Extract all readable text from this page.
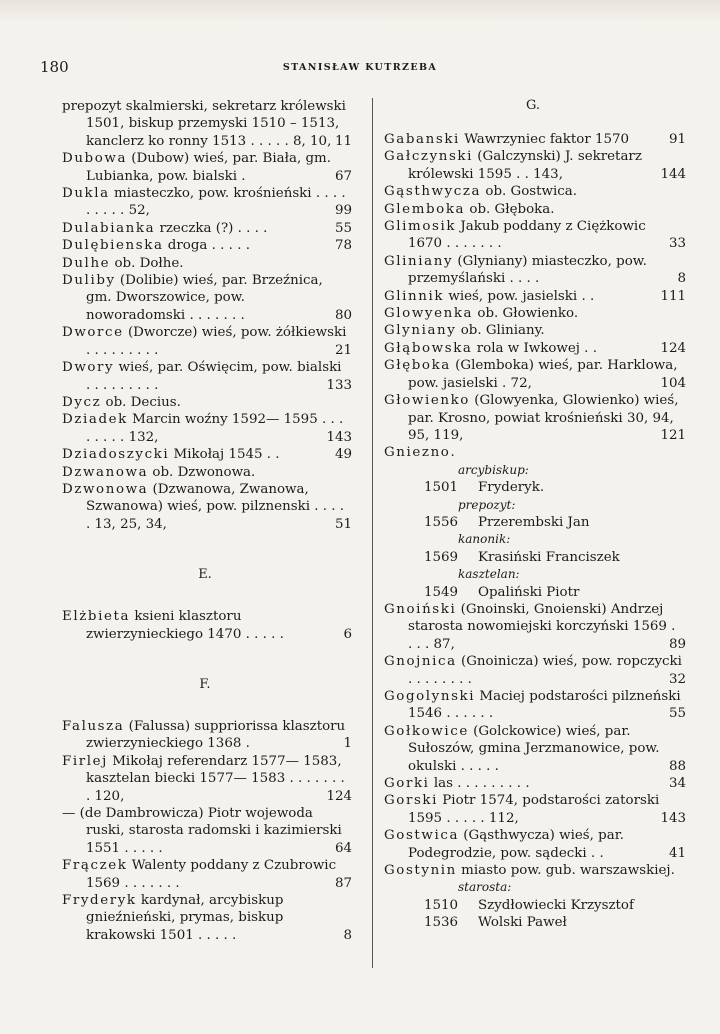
180	STANISŁAW KUTRZEBA
prepozyt skalmierski, sekretarz królewski 1501, biskup przemyski 1510 – 1513, kanclerz ko ronny 1513 . . . . . 8, 10, 11
Dubowa (Dubow) wieś, par. Biała, gm. Lubianka, pow. bialski .	67
Dukla miasteczko, pow. krośnieński . . . . . . . . . 52,	99
Dulabianka rzeczka (?) . . . .	55
Dulębienska droga . . . . .	78
Dulhe ob. Dołhe.
Duliby (Dolibie) wieś, par. Brzeźnica, gm. Dworszowice, pow. noworadomski . . . . . . .	80
Dworce (Dworcze) wieś, pow. żółkiewski . . . . . . . . .	21
Dwory wieś, par. Oświęcim, pow. bialski . . . . . . . . .	133
Dycz ob. Decius.
Dziadek Marcin woźny 1592— 1595 . . . . . . . . 132,	143
Dziadoszycki Mikołaj 1545 . .	49
Dzwanowa ob. Dzwonowa.
Dzwonowa (Dzwanowa, Zwanowa, Szwanowa) wieś, pow. pilznenski . . . . . 13, 25, 34,	51
E.
Elżbieta ksieni klasztoru zwierzynieckiego 1470 . . . . .	6
F.
Falusza (Falussa) suppriorissa klasztoru zwierzynieckiego 1368 .	1
Firlej Mikołaj referendarz 1577— 1583, kasztelan biecki 1577— 1583 . . . . . . . . 120,	124
— (de Dambrowicza) Piotr wojewoda ruski, starosta radomski i kazimierski 1551 . . . . .	64
Frączek Walenty poddany z Czubrowic 1569 . . . . . . .	87
Fryderyk kardynał, arcybiskup gnieźnieński, prymas, biskup krakowski 1501 . . . . .	8
G.
Gabanski Wawrzyniec faktor 1570	91
Gałczynski (Galczynski) J. sekretarz królewski 1595 . . 143,	144
Gąsthwycza ob. Gostwica.
Glemboka ob. Głęboka.
Glimosik Jakub poddany z Ciężkowic 1670 . . . . . . .	33
Gliniany (Glyniany) miasteczko, pow. przemyślański . . . .	8
Glinnik wieś, pow. jasielski . .	111
Glowyenka ob. Głowienko.
Glyniany ob. Gliniany.
Głąbowska rola w Iwkowej . .	124
Głęboka (Glemboka) wieś, par. Harklowa, pow. jasielski . 72,	104
Głowienko (Glowyenka, Glowienko) wieś, par. Krosno, powiat krośnieński 30, 94, 95, 119,	121
Gniezno.
arcybiskup:
1501 Fryderyk.
prepozyt:
1556 Przerembski Jan
kanonik:
1569 Krasiński Franciszek
kasztelan:
1549 Opaliński Piotr
Gnoiński (Gnoinski, Gnoienski) Andrzej starosta nowomiejski korczyński 1569 . . . . 87,	89
Gnojnica (Gnoinicza) wieś, pow. ropczycki . . . . . . . .	32
Gogolynski Maciej podstarości pilzneński 1546 . . . . . .	55
Gołkowice (Golckowice) wieś, par. Sułoszów, gmina Jerzmanowice, pow. okulski . . . . .	88
Gorki las . . . . . . . . .	34
Gorski Piotr 1574, podstarości zatorski 1595 . . . . . 112,	143
Gostwica (Gąsthwycza) wieś, par. Podegrodzie, pow. sądecki . .	41
Gostynin miasto pow. gub. warszawskiej.
starosta:
1510 Szydłowiecki Krzysztof
1536 Wolski Paweł
